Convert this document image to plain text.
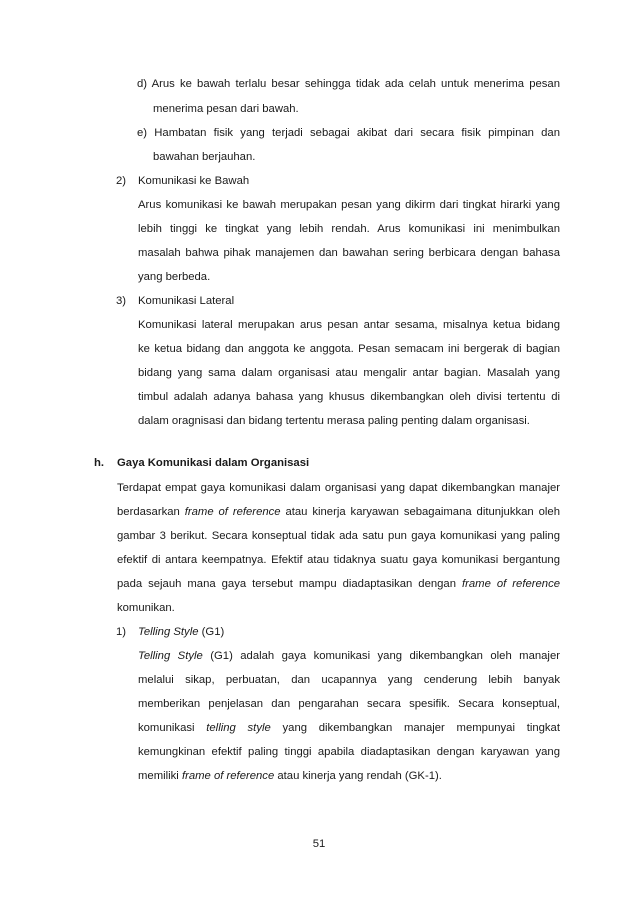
d) Arus ke bawah terlalu besar sehingga tidak ada celah untuk menerima pesan
menerima pesan dari bawah.
e) Hambatan fisik yang terjadi sebagai akibat dari secara fisik pimpinan dan
bawahan berjauhan.
2) Komunikasi ke Bawah
Arus komunikasi ke bawah merupakan pesan yang dikirm dari tingkat hirarki yang
lebih tinggi ke tingkat yang lebih rendah. Arus komunikasi ini menimbulkan
masalah bahwa pihak manajemen dan bawahan sering berbicara dengan bahasa
yang berbeda.
3) Komunikasi Lateral
Komunikasi lateral merupakan arus pesan antar sesama, misalnya ketua bidang
ke ketua bidang dan anggota ke anggota. Pesan semacam ini bergerak di bagian
bidang yang sama dalam organisasi atau mengalir antar bagian. Masalah yang
timbul adalah adanya bahasa yang khusus dikembangkan oleh divisi tertentu di
dalam oragnisasi dan bidang tertentu merasa paling penting dalam organisasi.
h. Gaya Komunikasi dalam Organisasi
Terdapat empat gaya komunikasi dalam organisasi yang dapat dikembangkan manajer
berdasarkan frame of reference atau kinerja karyawan sebagaimana ditunjukkan oleh
gambar 3 berikut. Secara konseptual tidak ada satu pun gaya komunikasi yang paling
efektif di antara keempatnya. Efektif atau tidaknya suatu gaya komunikasi bergantung
pada sejauh mana gaya tersebut mampu diadaptasikan dengan frame of reference
komunikan.
1) Telling Style (G1)
Telling Style (G1) adalah gaya komunikasi yang dikembangkan oleh manajer
melalui sikap, perbuatan, dan ucapannya yang cenderung lebih banyak
memberikan penjelasan dan pengarahan secara spesifik. Secara konseptual,
komunikasi telling style yang dikembangkan manajer mempunyai tingkat
kemungkinan efektif paling tinggi apabila diadaptasikan dengan karyawan yang
memiliki frame of reference atau kinerja yang rendah (GK-1).
51
